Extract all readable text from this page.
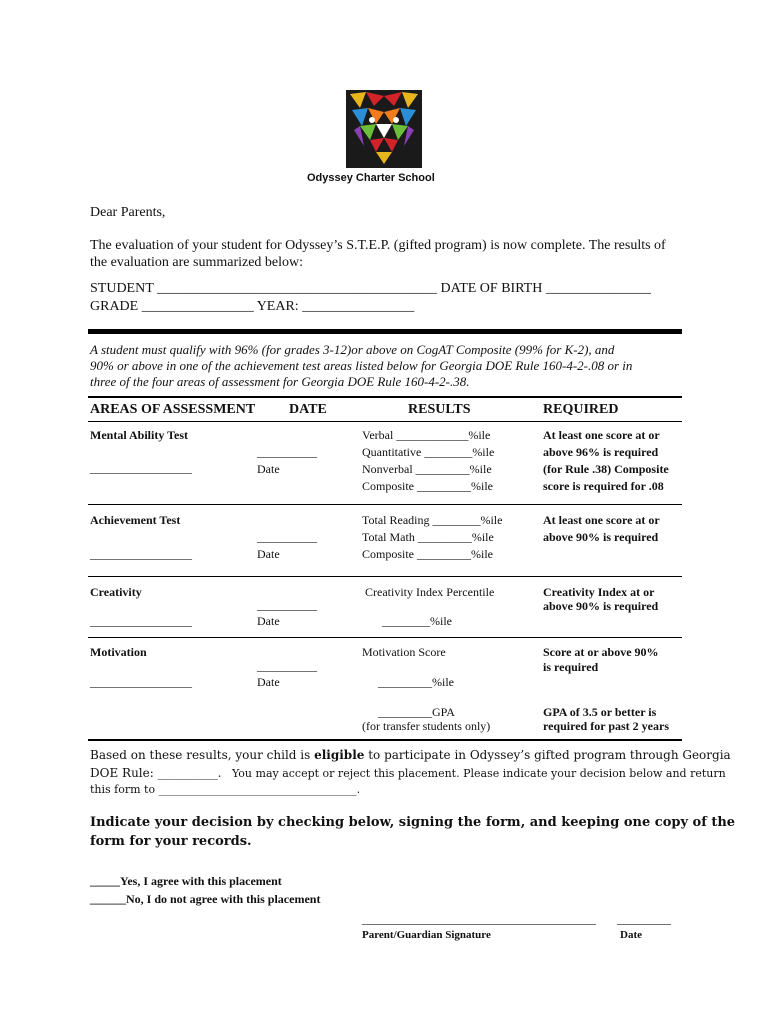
Odyssey Charter School
Dear Parents,
The evaluation of your student for Odyssey’s S.T.E.P. (gifted program) is now complete. The results of
the evaluation are summarized below:
STUDENT ________________________________________ DATE OF BIRTH _______________
GRADE ________________ YEAR: ________________
A student must qualify with 96% (for grades 3-12)or above on CogAT Composite (99% for K-2), and
90% or above in one of the achievement test areas listed below for Georgia DOE Rule 160-4-2-.08 or in
three of the four areas of assessment for Georgia DOE Rule 160-4-2-.38.
AREAS OF ASSESSMENT DATE	RESULTS	REQUIRED
Mental Ability Test
_________________
__________
Date
Verbal ____________%ile
Quantitative ________%ile
Nonverbal _________%ile
Composite _________%ile
At least one score at or
above 96% is required
(for Rule .38) Composite
score is required for .08
Achievement Test
_________________
__________
Date
Total Reading ________%ile
Total Math _________%ile
Composite _________%ile
At least one score at or
above 90% is required
Creativity
_________________
__________
Date
Creativity Index Percentile
________%ile
Creativity Index at or
above 90% is required
Motivation
_________________
__________
Date
Motivation Score
_________%ile
Score at or above 90%
is required
_________GPA
(for transfer students only)
GPA of 3.5 or better is
required for past 2 years
Based on these results, your child is eligible to participate in Odyssey’s gifted program through Georgia
DOE Rule: __________. You may accept or reject this placement. Please indicate your decision below and return
this form to ____________________________________.
Indicate your decision by checking below, signing the form, and keeping one copy of the
form for your records.
_____Yes, I agree with this placement
______No, I do not agree with this placement
_______________________________________
Parent/Guardian Signature
_________
Date
